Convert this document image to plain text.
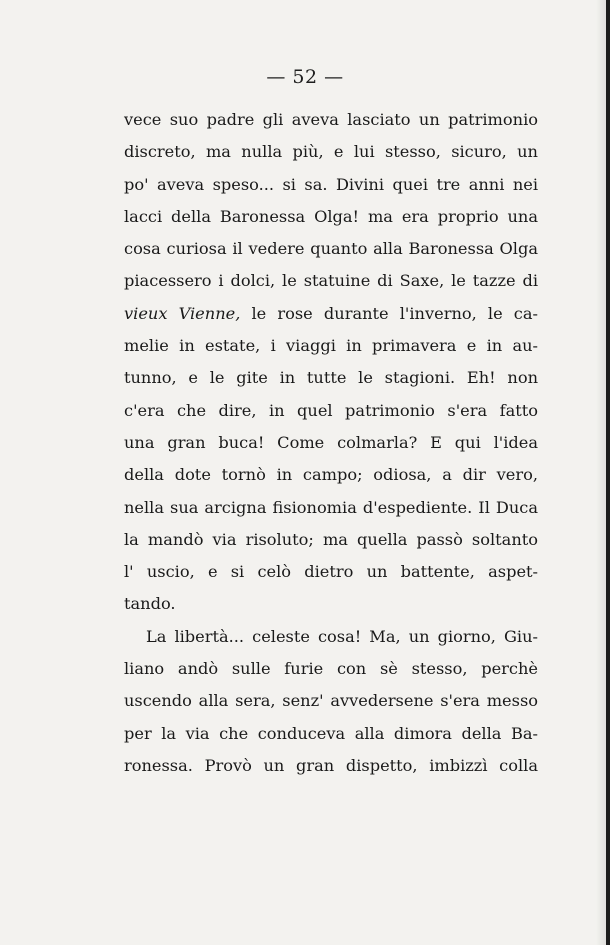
— 52 —
vece suo padre gli aveva lasciato un patrimonio
discreto, ma nulla più, e lui stesso, sicuro, un
po' aveva speso... si sa. Divini quei tre anni nei
lacci della Baronessa Olga! ma era proprio una
cosa curiosa il vedere quanto alla Baronessa Olga
piacessero i dolci, le statuine di Saxe, le tazze di
vieux Vienne, le rose durante l'inverno, le ca-
melie in estate, i viaggi in primavera e in au-
tunno, e le gite in tutte le stagioni. Eh! non
c'era che dire, in quel patrimonio s'era fatto
una gran buca! Come colmarla? E qui l'idea
della dote tornò in campo; odiosa, a dir vero,
nella sua arcigna fisionomia d'espediente. Il Duca
la mandò via risoluto; ma quella passò soltanto
l' uscio, e si celò dietro un battente, aspet-
tando.
La libertà... celeste cosa! Ma, un giorno, Giu-
liano andò sulle furie con sè stesso, perchè
uscendo alla sera, senz' avvedersene s'era messo
per la via che conduceva alla dimora della Ba-
ronessa. Provò un gran dispetto, imbizzì colla
